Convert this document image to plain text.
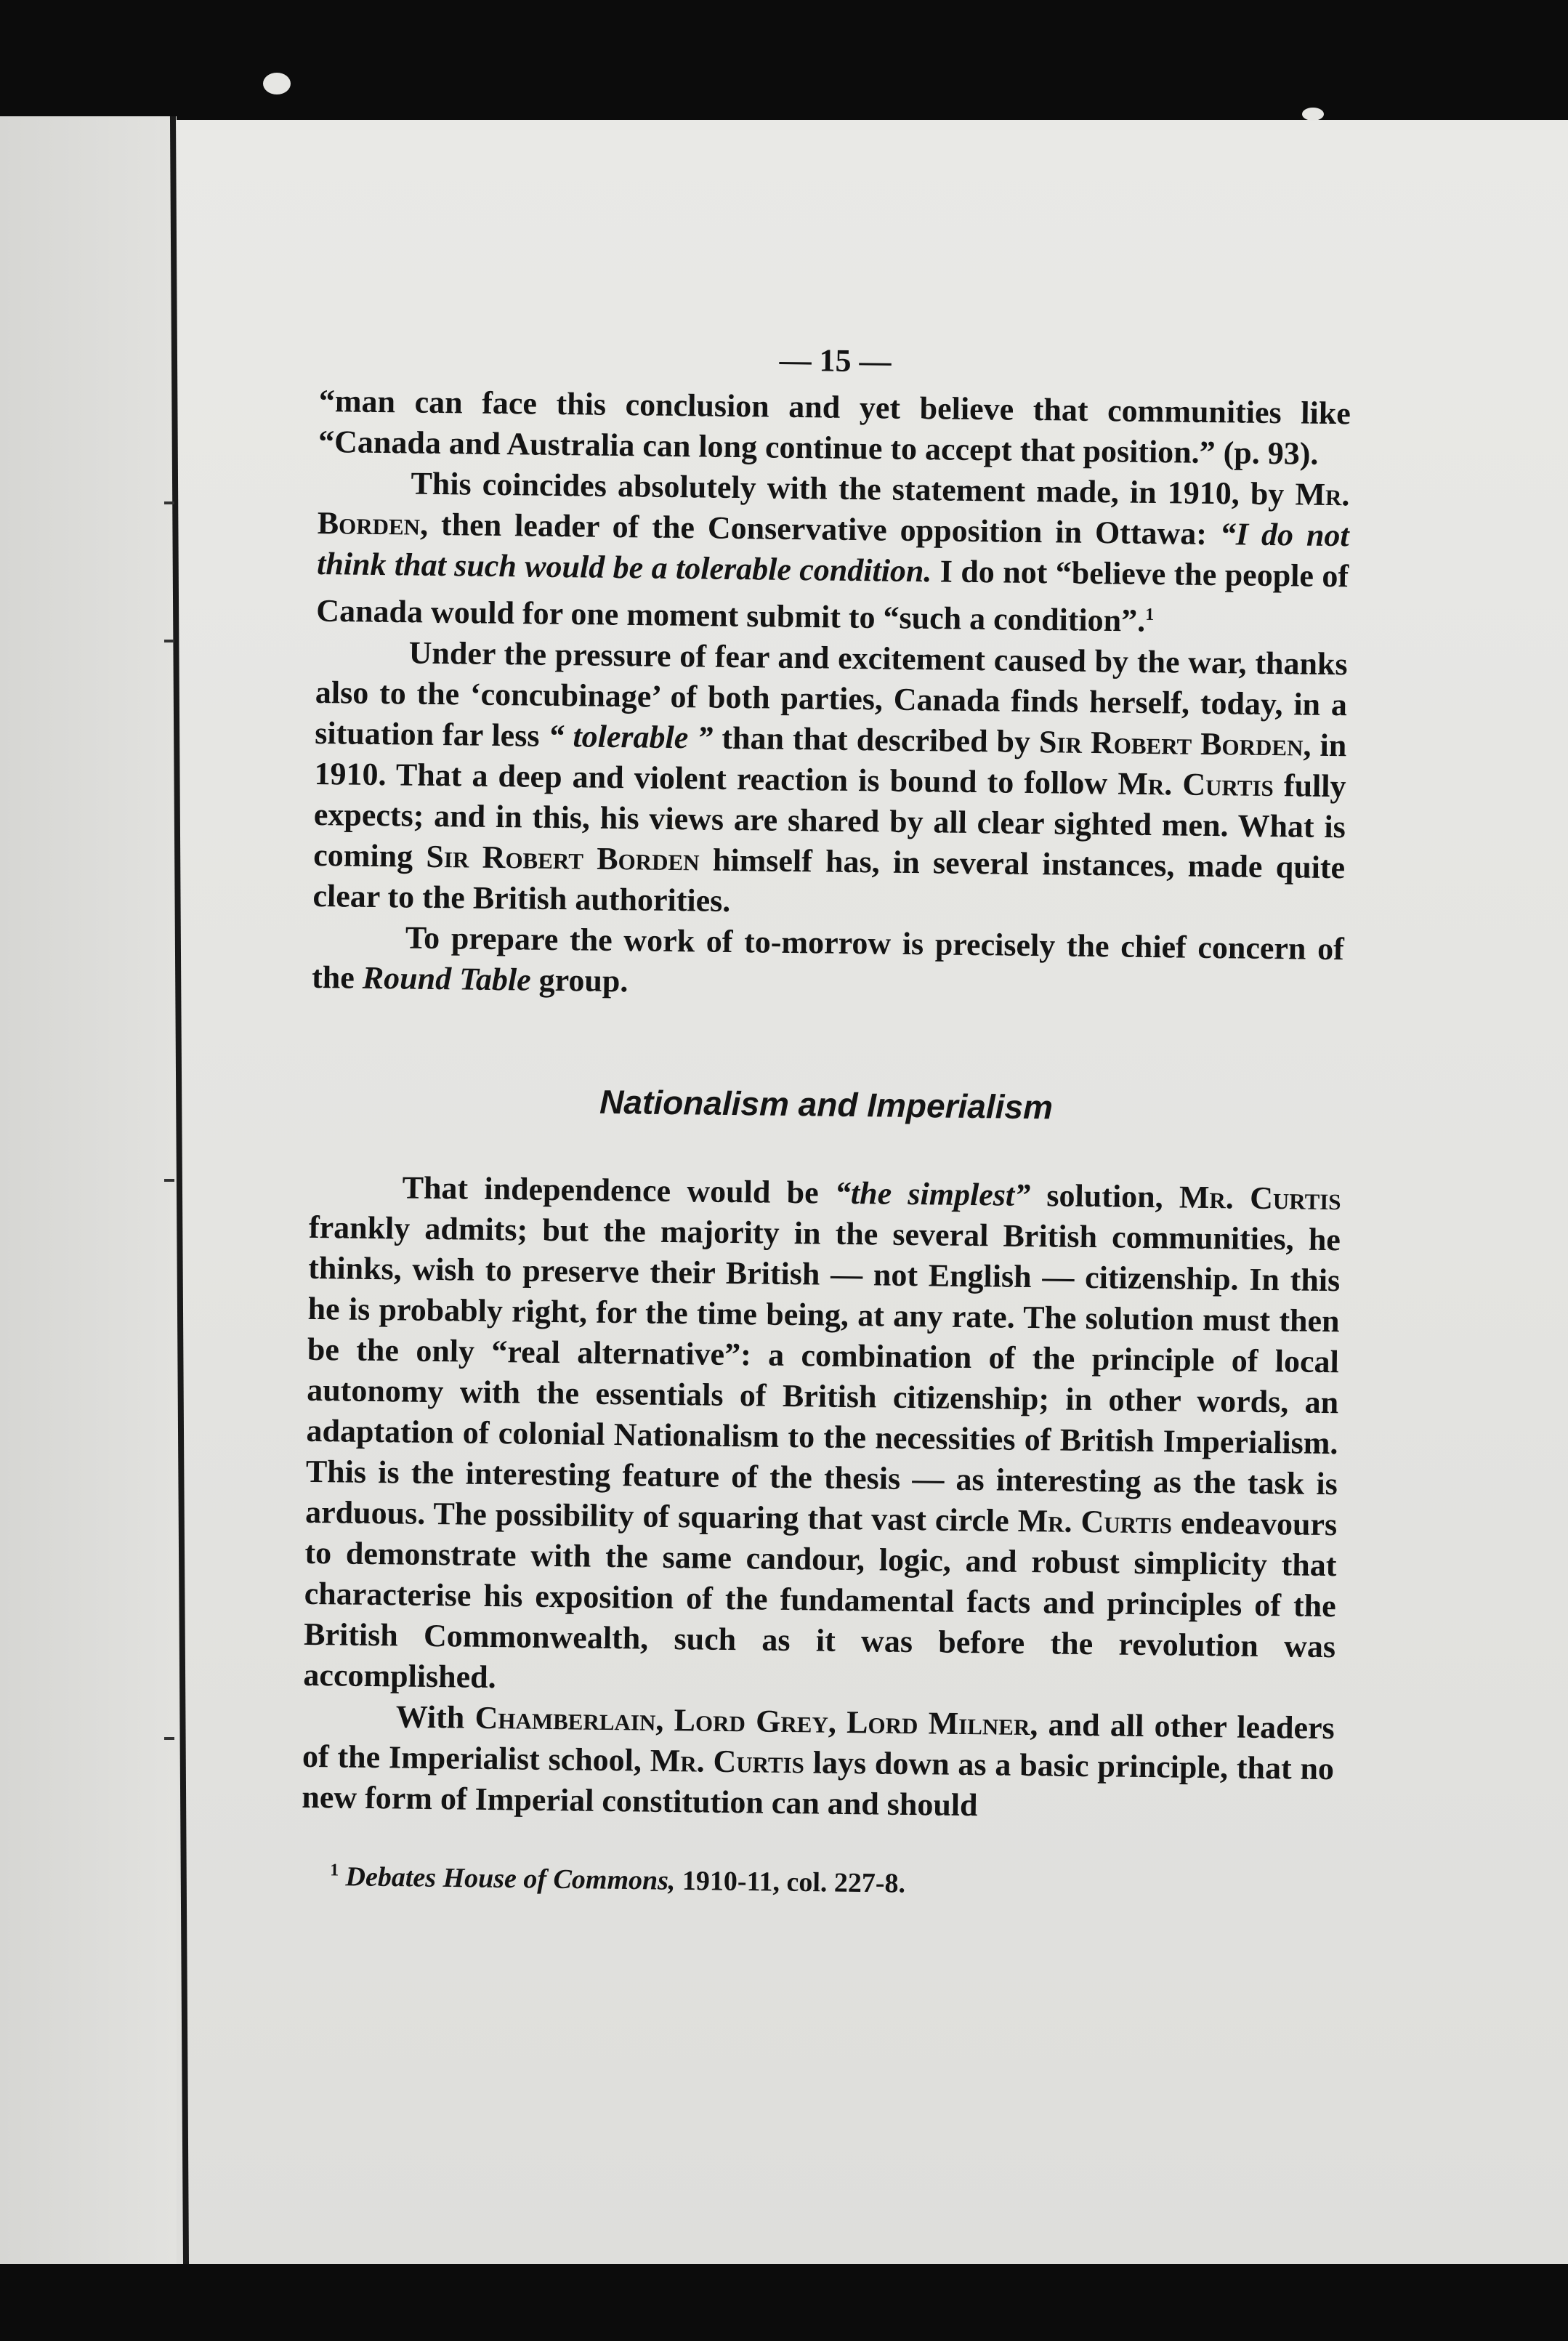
— 15 —

“man can face this conclusion and yet believe that communities like “Canada and Australia can long continue to accept that position.” (p. 93).

This coincides absolutely with the statement made, in 1910, by Mr. Borden, then leader of the Conservative opposition in Ottawa: “I do not think that such would be a tolerable condition. I do not “believe the people of Canada would for one moment submit to “such a condition”.$^1$

Under the pressure of fear and excitement caused by the war, thanks also to the ‘concubinage’ of both parties, Canada finds herself, today, in a situation far less “ tolerable ” than that described by Sir Robert Borden, in 1910. That a deep and violent reaction is bound to follow Mr. Curtis fully expects; and in this, his views are shared by all clear sighted men. What is coming Sir Robert Borden himself has, in several instances, made quite clear to the British authorities.

To prepare the work of to-morrow is precisely the chief concern of the Round Table group.

Nationalism and Imperialism

That independence would be “the simplest” solution, Mr. Curtis frankly admits; but the majority in the several British communities, he thinks, wish to preserve their British — not English — citizenship. In this he is probably right, for the time being, at any rate. The solution must then be the only “real alternative”: a combination of the principle of local autonomy with the essentials of British citizenship; in other words, an adaptation of colonial Nationalism to the necessities of British Imperialism. This is the interesting feature of the thesis — as interesting as the task is arduous. The possibility of squaring that vast circle Mr. Curtis endeavours to demonstrate with the same candour, logic, and robust simplicity that characterise his exposition of the fundamental facts and principles of the British Commonwealth, such as it was before the revolution was accomplished.

With Chamberlain, Lord Grey, Lord Milner, and all other leaders of the Imperialist school, Mr. Curtis lays down as a basic principle, that no new form of Imperial constitution can and should

$^1$ Debates House of Commons, 1910-11, col. 227-8.
